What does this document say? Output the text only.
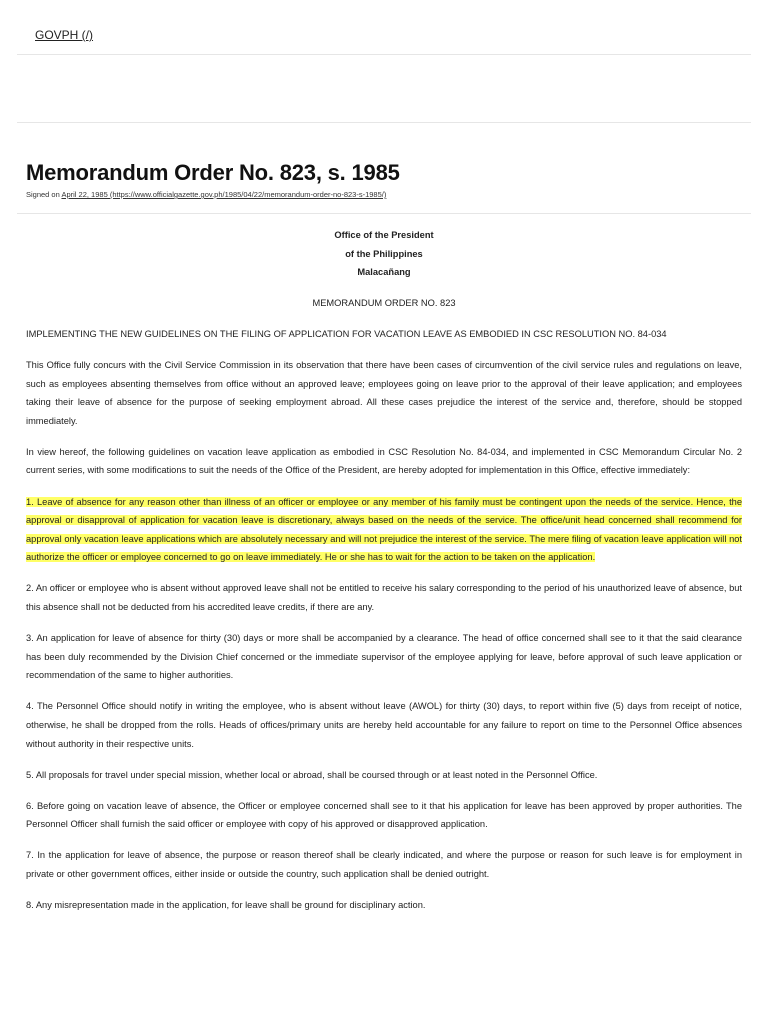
GOVPH (/)
Memorandum Order No. 823, s. 1985
Signed on April 22, 1985 (https://www.officialgazette.gov.ph/1985/04/22/memorandum-order-no-823-s-1985/)

Office of the President

of the Philippines

Malacañang

MEMORANDUM ORDER NO. 823

IMPLEMENTING THE NEW GUIDELINES ON THE FILING OF APPLICATION FOR VACATION LEAVE AS EMBODIED IN CSC RESOLUTION NO. 84-034

This Office fully concurs with the Civil Service Commission in its observation that there have been cases of circumvention of the civil service rules and regulations on leave, such as employees absenting themselves from office without an approved leave; employees going on leave prior to the approval of their leave application; and employees taking their leave of absence for the purpose of seeking employment abroad. All these cases prejudice the interest of the service and, therefore, should be stopped immediately.

In view hereof, the following guidelines on vacation leave application as embodied in CSC Resolution No. 84-034, and implemented in CSC Memorandum Circular No. 2 current series, with some modifications to suit the needs of the Office of the President, are hereby adopted for implementation in this Office, effective immediately:

1. Leave of absence for any reason other than illness of an officer or employee or any member of his family must be contingent upon the needs of the service. Hence, the approval or disapproval of application for vacation leave is discretionary, always based on the needs of the service. The office/unit head concerned shall recommend for approval only vacation leave applications which are absolutely necessary and will not prejudice the interest of the service. The mere filing of vacation leave application will not authorize the officer or employee concerned to go on leave immediately. He or she has to wait for the action to be taken on the application.

2. An officer or employee who is absent without approved leave shall not be entitled to receive his salary corresponding to the period of his unauthorized leave of absence, but this absence shall not be deducted from his accredited leave credits, if there are any.

3. An application for leave of absence for thirty (30) days or more shall be accompanied by a clearance. The head of office concerned shall see to it that the said clearance has been duly recommended by the Division Chief concerned or the immediate supervisor of the employee applying for leave, before approval of such leave application or recommendation of the same to higher authorities.

4. The Personnel Office should notify in writing the employee, who is absent without leave (AWOL) for thirty (30) days, to report within five (5) days from receipt of notice, otherwise, he shall be dropped from the rolls. Heads of offices/primary units are hereby held accountable for any failure to report on time to the Personnel Office absences without authority in their respective units.

5. All proposals for travel under special mission, whether local or abroad, shall be coursed through or at least noted in the Personnel Office.

6. Before going on vacation leave of absence, the Officer or employee concerned shall see to it that his application for leave has been approved by proper authorities. The Personnel Officer shall furnish the said officer or employee with copy of his approved or disapproved application.

7. In the application for leave of absence, the purpose or reason thereof shall be clearly indicated, and where the purpose or reason for such leave is for employment in private or other government offices, either inside or outside the country, such application shall be denied outright.

8. Any misrepresentation made in the application, for leave shall be ground for disciplinary action.
